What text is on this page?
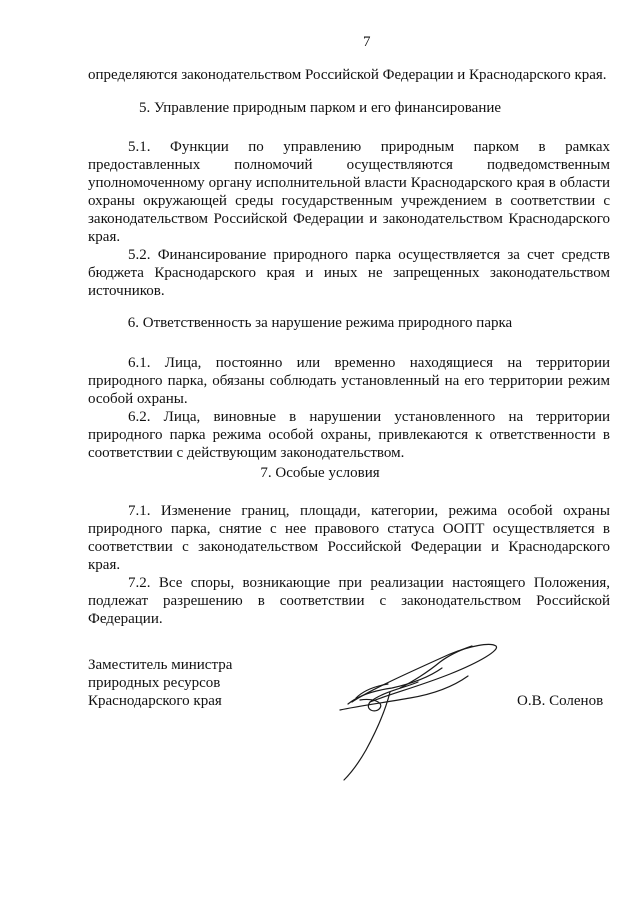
7
определяются законодательством Российской Федерации и Краснодарского края.
5. Управление природным парком и его финансирование
5.1. Функции по управлению природным парком в рамках
предоставленных полномочий осуществляются подведомственным
уполномоченному органу исполнительной власти Краснодарского края в области
охраны окружающей среды государственным учреждением в соответствии с
законодательством Российской Федерации и законодательством Краснодарского
края.
5.2. Финансирование природного парка осуществляется за счет средств
бюджета Краснодарского края и иных не запрещенных законодательством
источников.
6. Ответственность за нарушение режима природного парка
6.1. Лица, постоянно или временно находящиеся на территории
природного парка, обязаны соблюдать установленный на его территории режим
особой охраны.
6.2. Лица, виновные в нарушении установленного на территории
природного парка режима особой охраны, привлекаются к ответственности в
соответствии с действующим законодательством.
7. Особые условия
7.1. Изменение границ, площади, категории, режима особой охраны
природного парка, снятие с нее правового статуса ООПТ осуществляется в
соответствии с законодательством Российской Федерации и Краснодарского
края.
7.2. Все споры, возникающие при реализации настоящего Положения,
подлежат разрешению в соответствии с законодательством Российской
Федерации.
Заместитель министра
природных ресурсов
Краснодарского края	О.В. Соленов
